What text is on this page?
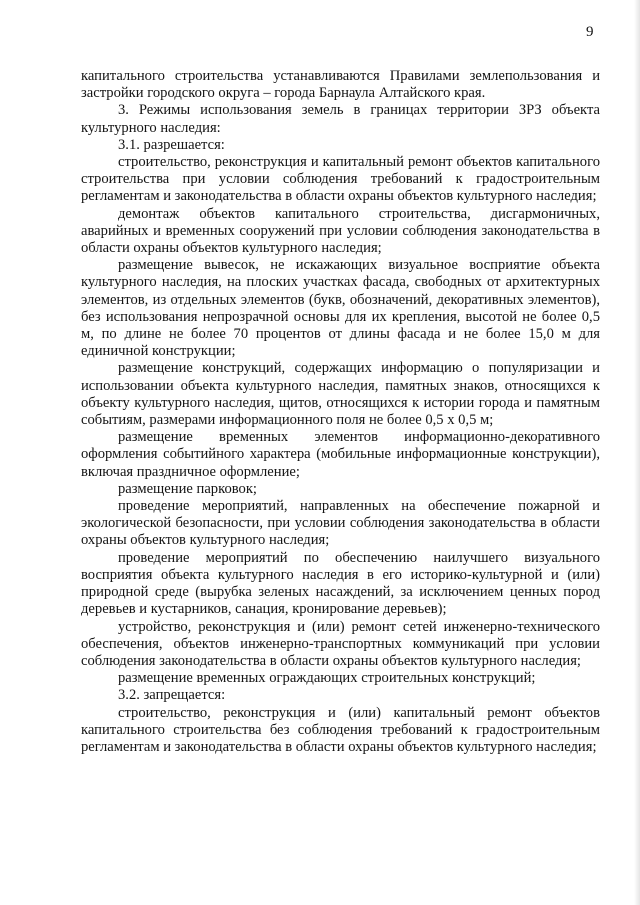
9

капитального строительства устанавливаются Правилами землепользования и застройки городского округа – города Барнаула Алтайского края.

3. Режимы использования земель в границах территории ЗРЗ объекта культурного наследия:

3.1. разрешается:

строительство, реконструкция и капитальный ремонт объектов капитального строительства при условии соблюдения требований к градостроительным регламентам и законодательства в области охраны объектов культурного наследия;

демонтаж объектов капитального строительства, дисгармоничных, аварийных и временных сооружений при условии соблюдения законодательства в области охраны объектов культурного наследия;

размещение вывесок, не искажающих визуальное восприятие объекта культурного наследия, на плоских участках фасада, свободных от архитектурных элементов, из отдельных элементов (букв, обозначений, декоративных элементов), без использования непрозрачной основы для их крепления, высотой не более 0,5 м, по длине не более 70 процентов от длины фасада и не более 15,0 м для единичной конструкции;

размещение конструкций, содержащих информацию о популяризации и использовании объекта культурного наследия, памятных знаков, относящихся к объекту культурного наследия, щитов, относящихся к истории города и памятным событиям, размерами информационного поля не более 0,5 х 0,5 м;

размещение временных элементов информационно-декоративного оформления событийного характера (мобильные информационные конструкции), включая праздничное оформление;

размещение парковок;

проведение мероприятий, направленных на обеспечение пожарной и экологической безопасности, при условии соблюдения законодательства в области охраны объектов культурного наследия;

проведение мероприятий по обеспечению наилучшего визуального восприятия объекта культурного наследия в его историко-культурной и (или) природной среде (вырубка зеленых насаждений, за исключением ценных пород деревьев и кустарников, санация, кронирование деревьев);

устройство, реконструкция и (или) ремонт сетей инженерно-технического обеспечения, объектов инженерно-транспортных коммуникаций при условии соблюдения законодательства в области охраны объектов культурного наследия;

размещение временных ограждающих строительных конструкций;

3.2. запрещается:

строительство, реконструкция и (или) капитальный ремонт объектов капитального строительства без соблюдения требований к градостроительным регламентам и законодательства в области охраны объектов культурного наследия;
